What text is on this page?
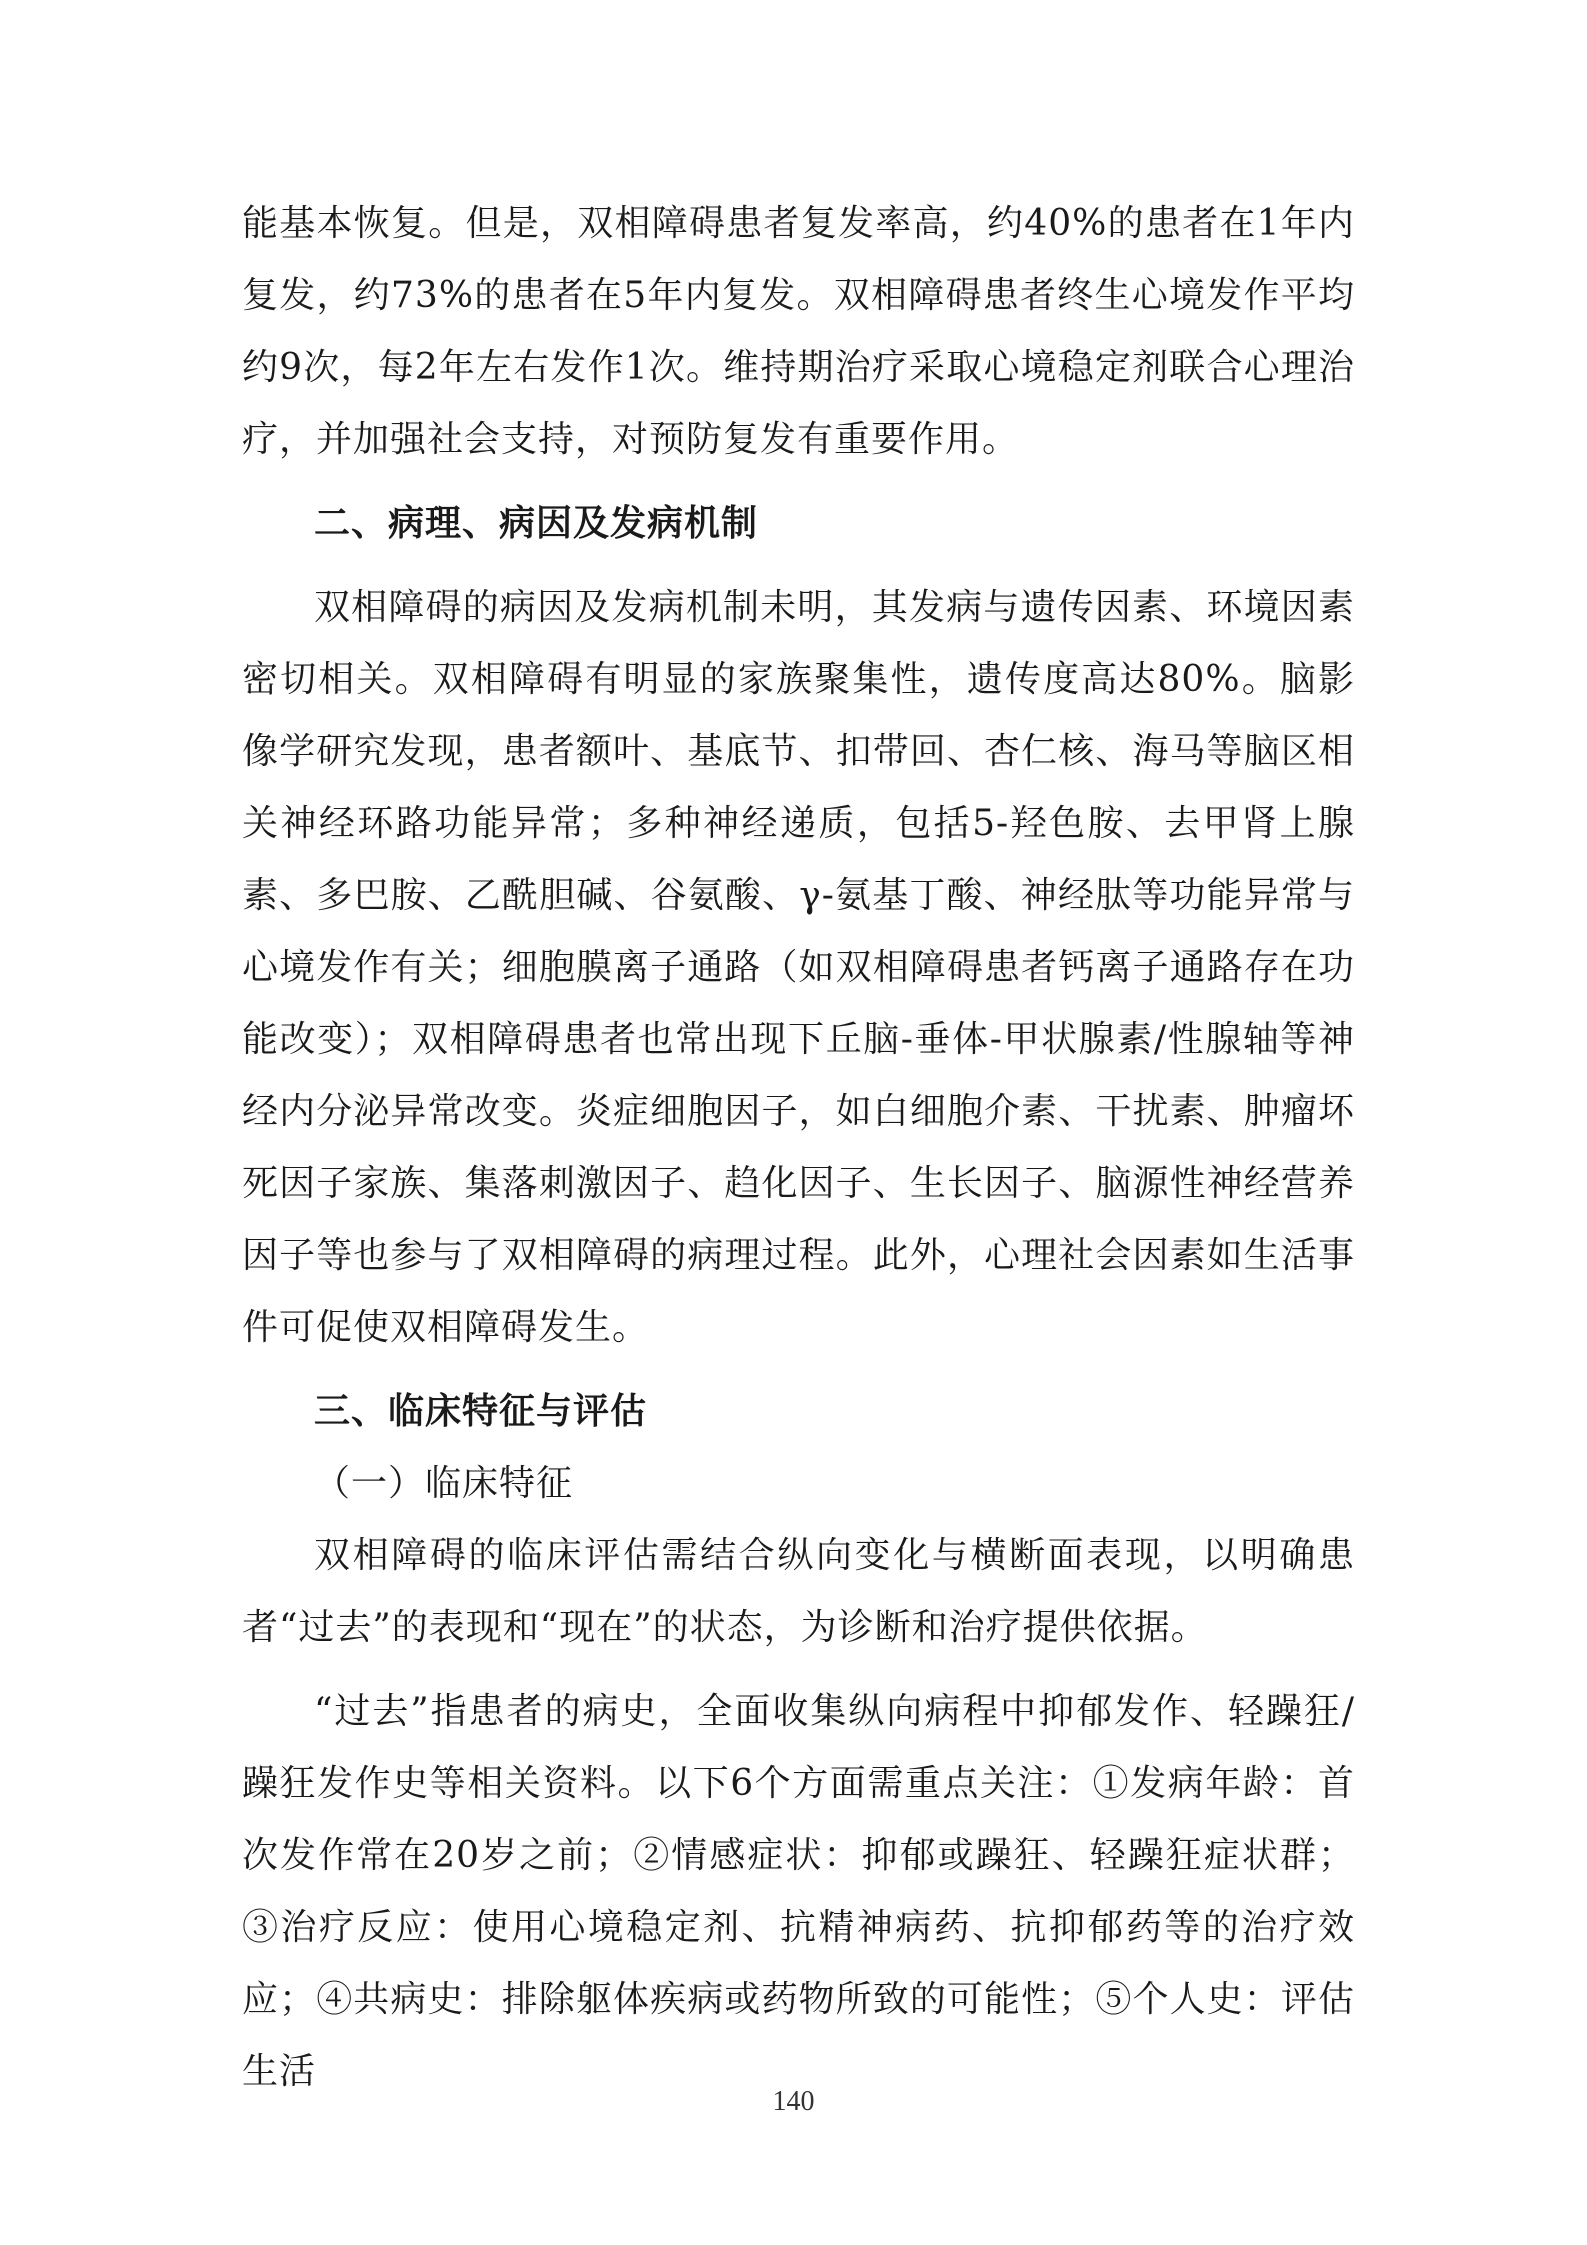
能基本恢复。但是，双相障碍患者复发率高，约40%的患者在1年内复发，约73%的患者在5年内复发。双相障碍患者终生心境发作平均约9次，每2年左右发作1次。维持期治疗采取心境稳定剂联合心理治疗，并加强社会支持，对预防复发有重要作用。

二、病理、病因及发病机制

双相障碍的病因及发病机制未明，其发病与遗传因素、环境因素密切相关。双相障碍有明显的家族聚集性，遗传度高达80%。脑影像学研究发现，患者额叶、基底节、扣带回、杏仁核、海马等脑区相关神经环路功能异常；多种神经递质，包括5-羟色胺、去甲肾上腺素、多巴胺、乙酰胆碱、谷氨酸、γ-氨基丁酸、神经肽等功能异常与心境发作有关；细胞膜离子通路（如双相障碍患者钙离子通路存在功能改变）；双相障碍患者也常出现下丘脑-垂体-甲状腺素/性腺轴等神经内分泌异常改变。炎症细胞因子，如白细胞介素、干扰素、肿瘤坏死因子家族、集落刺激因子、趋化因子、生长因子、脑源性神经营养因子等也参与了双相障碍的病理过程。此外，心理社会因素如生活事件可促使双相障碍发生。

三、临床特征与评估
（一）临床特征

双相障碍的临床评估需结合纵向变化与横断面表现，以明确患者“过去”的表现和“现在”的状态，为诊断和治疗提供依据。

“过去”指患者的病史，全面收集纵向病程中抑郁发作、轻躁狂/躁狂发作史等相关资料。以下6个方面需重点关注：①发病年龄：首次发作常在20岁之前；②情感症状：抑郁或躁狂、轻躁狂症状群；③治疗反应：使用心境稳定剂、抗精神病药、抗抑郁药等的治疗效应；④共病史：排除躯体疾病或药物所致的可能性；⑤个人史：评估生活

140
